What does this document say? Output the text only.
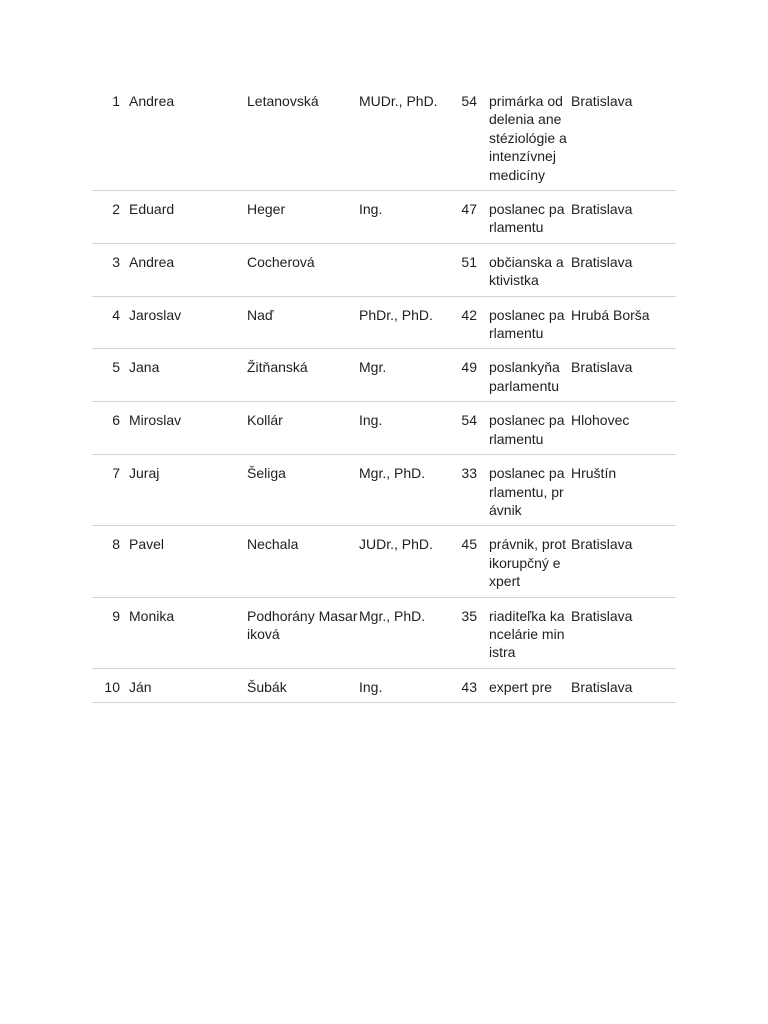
1	Andrea	Letanovská	MUDr., PhD.	54	primárka oddelenia anestéziológie a intenzívnej medicíny	Bratislava
2	Eduard	Heger	Ing.	47	poslanec parlamentu	Bratislava
3	Andrea	Cocherová		51	občianska aktivistka	Bratislava
4	Jaroslav	Naď	PhDr., PhD.	42	poslanec parlamentu	Hrubá Borša
5	Jana	Žitňanská	Mgr.	49	poslankyňa parlamentu	Bratislava
6	Miroslav	Kollár	Ing.	54	poslanec parlamentu	Hlohovec
7	Juraj	Šeliga	Mgr., PhD.	33	poslanec parlamentu, právnik	Hruštín
8	Pavel	Nechala	JUDr., PhD.	45	právnik, protikorupčný expert	Bratislava
9	Monika	Podhorány Masariková	Mgr., PhD.	35	riaditeľka kancelárie ministra	Bratislava
10	Ján	Šubák	Ing.	43	expert pre	Bratislava
